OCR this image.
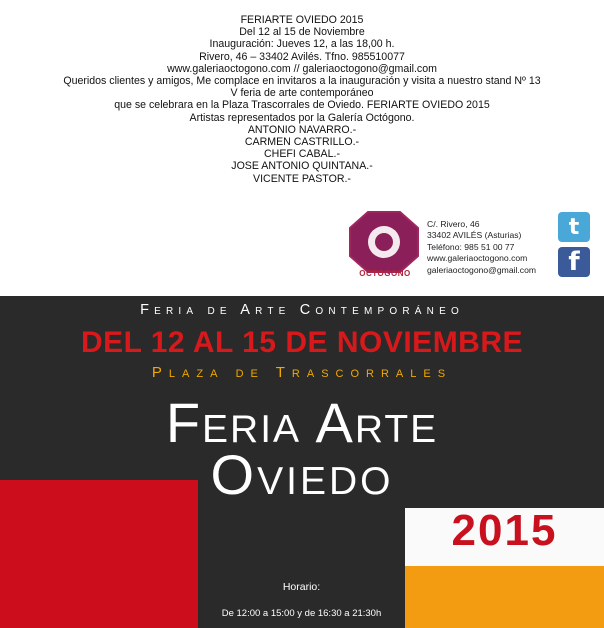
FERIARTE OVIEDO 2015
Del 12 al 15 de Noviembre
Inauguración: Jueves 12, a las 18,00 h.
Rivero, 46 – 33402 Avilés. Tfno. 985510077
www.galeriaoctogono.com // galeriaoctogono@gmail.com
Queridos clientes y amigos, Me complace en invitaros a la inauguración y visita a nuestro stand Nº 13
V feria de arte contemporáneo
que se celebrara en la Plaza Trascorrales de Oviedo. FERIARTE OVIEDO 2015
Artistas representados por la Galería Octógono.
ANTONIO NAVARRO.-
CARMEN CASTRILLO.-
CHEFI CABAL.-
JOSE ANTONIO QUINTANA.-
VICENTE PASTOR.-
OCTOGONO
C/. Rivero, 46
33402 AVILÉS (Asturias)
Teléfono: 985 51 00 77
www.galeriaoctogono.com
galeriaoctogono@gmail.com
t
f
Feria de Arte Contemporáneo
DEL 12 AL 15 DE NOVIEMBRE
Plaza de Trascorrales
Feria Arte
Oviedo
2015
Horario:
De 12:00 a 15:00 y de 16:30 a 21:30h
